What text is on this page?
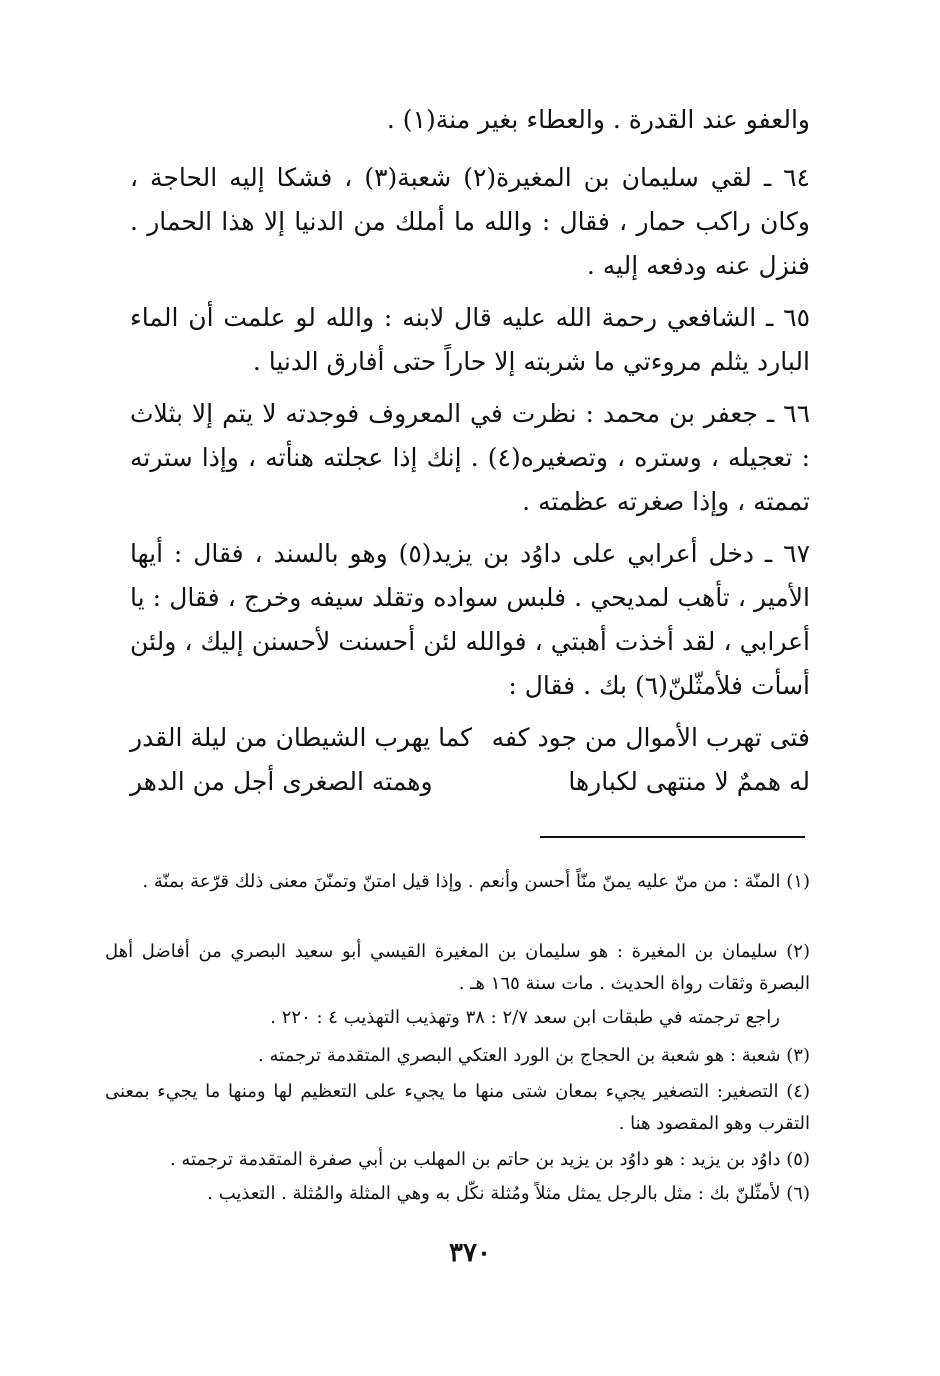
والعفو عند القدرة . والعطاء بغير منة(١) .

٦٤ ـ لقي سليمان بن المغيرة(٢) شعبة(٣) ، فشكا إليه الحاجة ، وكان راكب حمار ، فقال : والله ما أملك من الدنيا إلا هذا الحمار . فنزل عنه ودفعه إليه .

٦٥ ـ الشافعي رحمة الله عليه قال لابنه : والله لو علمت أن الماء البارد يثلم مروءتي ما شربته إلا حاراً حتى أفارق الدنيا .

٦٦ ـ جعفر بن محمد : نظرت في المعروف فوجدته لا يتم إلا بثلاث : تعجيله ، وستره ، وتصغيره(٤) . إنك إذا عجلته هنأته ، وإذا سترته تممته ، وإذا صغرته عظمته .

٦٧ ـ دخل أعرابي على داوُد بن يزيد(٥) وهو بالسند ، فقال : أيها الأمير ، تأهب لمديحي . فلبس سواده وتقلد سيفه وخرج ، فقال : يا أعرابي ، لقد أخذت أهبتي ، فوالله لئن أحسنت لأحسنن إليك ، ولئن أسأت فلأمثّلنّ(٦) بك . فقال :

فتى تهرب الأموال من جود كفه
كما يهرب الشيطان من ليلة القدر
له هممٌ لا منتهى لكبارها
وهمته الصغرى أجل من الدهر

(١) المنّة : من منّ عليه يمنّ منّاً أحسن وأنعم . وإذا قيل امتنّ وتمنّنَ معنى ذلك قرّعة بمنّة .

(٢) سليمان بن المغيرة : هو سليمان بن المغيرة القيسي أبو سعيد البصري من أفاضل أهل البصرة وثقات رواة الحديث . مات سنة ١٦٥ هـ .

راجع ترجمته في طبقات ابن سعد ٢/٧ : ٣٨ وتهذيب التهذيب ٤ : ٢٢٠ .

(٣) شعبة : هو شعبة بن الحجاج بن الورد العتكي البصري المتقدمة ترجمته .

(٤) التصغير: التصغير يجيء بمعان شتى منها ما يجيء على التعظيم لها ومنها ما يجيء بمعنى التقرب وهو المقصود هنا .

(٥) داوُد بن يزيد : هو داوُد بن يزيد بن حاتم بن المهلب بن أبي صفرة المتقدمة ترجمته .

(٦) لأمثّلنّ بك : مثل بالرجل يمثل مثلاً ومُثلة نكّل به وهي المثلة والمُثلة . التعذيب .

٣٧٠
